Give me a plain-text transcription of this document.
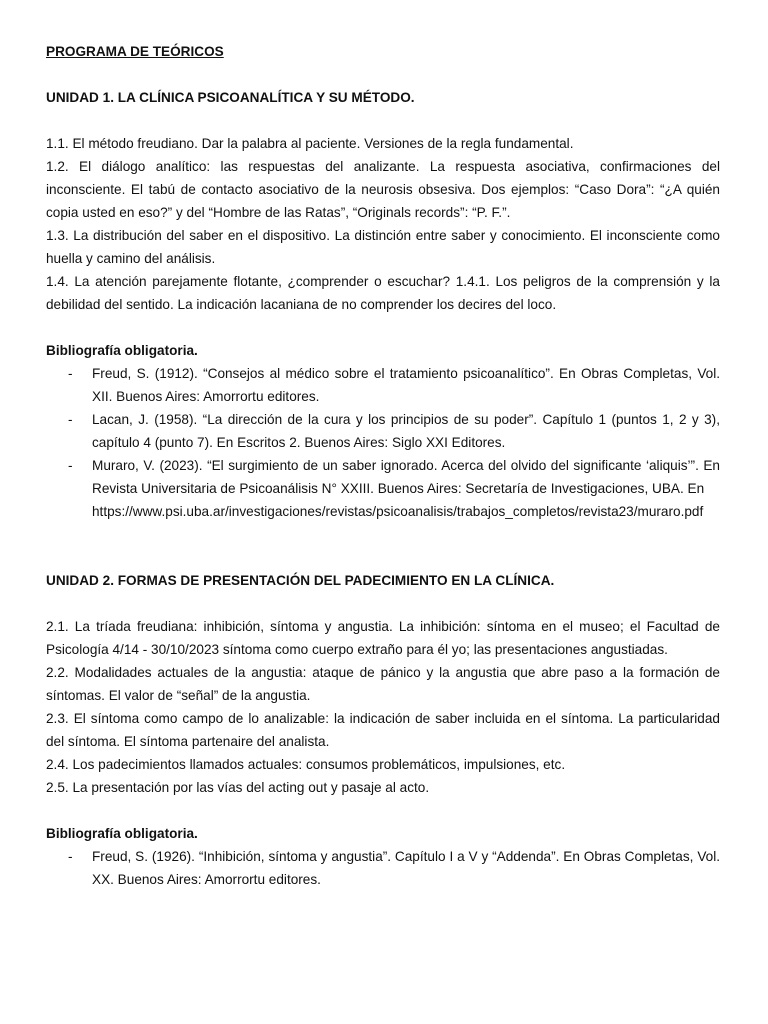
PROGRAMA DE TEÓRICOS
UNIDAD 1. LA CLÍNICA PSICOANALÍTICA Y SU MÉTODO.

1.1. El método freudiano. Dar la palabra al paciente. Versiones de la regla fundamental.

1.2. El diálogo analítico: las respuestas del analizante. La respuesta asociativa, confirmaciones del inconsciente. El tabú de contacto asociativo de la neurosis obsesiva. Dos ejemplos: “Caso Dora”: “¿A quién copia usted en eso?” y del “Hombre de las Ratas”, “Originals records”: “P. F.”.

1.3. La distribución del saber en el dispositivo. La distinción entre saber y conocimiento. El inconsciente como huella y camino del análisis.

1.4. La atención parejamente flotante, ¿comprender o escuchar? 1.4.1. Los peligros de la comprensión y la debilidad del sentido. La indicación lacaniana de no comprender los decires del loco.

Bibliografía obligatoria.

- Freud, S. (1912). “Consejos al médico sobre el tratamiento psicoanalítico”. En Obras Completas, Vol. XII. Buenos Aires: Amorrortu editores.
- Lacan, J. (1958). “La dirección de la cura y los principios de su poder”. Capítulo 1 (puntos 1, 2 y 3), capítulo 4 (punto 7). En Escritos 2. Buenos Aires: Siglo XXI Editores.
- Muraro, V. (2023). “El surgimiento de un saber ignorado. Acerca del olvido del significante ‘aliquis’”. En Revista Universitaria de Psicoanálisis N° XXIII. Buenos Aires: Secretaría de Investigaciones, UBA. En
https://www.psi.uba.ar/investigaciones/revistas/psicoanalisis/trabajos_completos/revista23/muraro.pdf
UNIDAD 2. FORMAS DE PRESENTACIÓN DEL PADECIMIENTO EN LA CLÍNICA.

2.1. La tríada freudiana: inhibición, síntoma y angustia. La inhibición: síntoma en el museo; el Facultad de Psicología 4/14 - 30/10/2023 síntoma como cuerpo extraño para él yo; las presentaciones angustiadas.

2.2. Modalidades actuales de la angustia: ataque de pánico y la angustia que abre paso a la formación de síntomas. El valor de “señal” de la angustia.

2.3. El síntoma como campo de lo analizable: la indicación de saber incluida en el síntoma. La particularidad del síntoma. El síntoma partenaire del analista.

2.4. Los padecimientos llamados actuales: consumos problemáticos, impulsiones, etc.

2.5. La presentación por las vías del acting out y pasaje al acto.

Bibliografía obligatoria.

- Freud, S. (1926). “Inhibición, síntoma y angustia”. Capítulo I a V y “Addenda”. En Obras Completas, Vol. XX. Buenos Aires: Amorrortu editores.
